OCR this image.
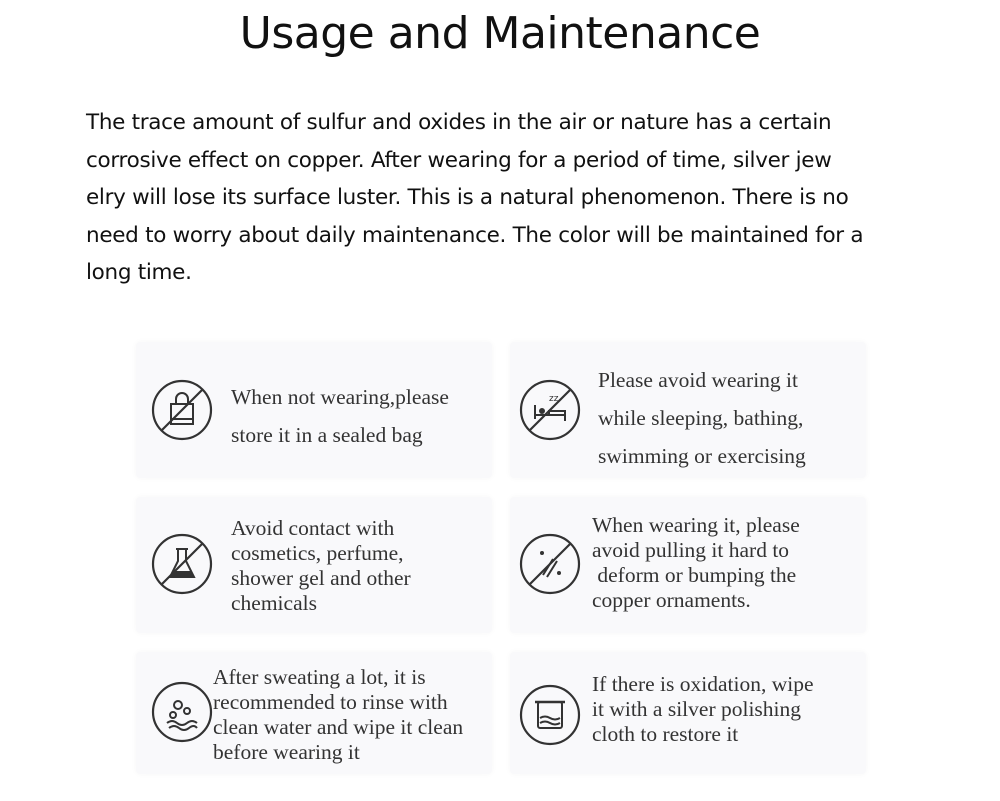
Usage and Maintenance
The trace amount of sulfur and oxides in the air or nature has a certain
corrosive effect on copper. After wearing for a period of time, silver jew
elry will lose its surface luster. This is a natural phenomenon. There is no
need to worry about daily maintenance. The color will be maintained for a
long time.
When not wearing,please
store it in a sealed bag
zz
Please avoid wearing it
while sleeping, bathing,
swimming or exercising
Avoid contact with
cosmetics, perfume,
shower gel and other
chemicals
When wearing it, please
avoid pulling it hard to
deform or bumping the
copper ornaments.
After sweating a lot, it is
recommended to rinse with
clean water and wipe it clean
before wearing it
If there is oxidation, wipe
it with a silver polishing
cloth to restore it
